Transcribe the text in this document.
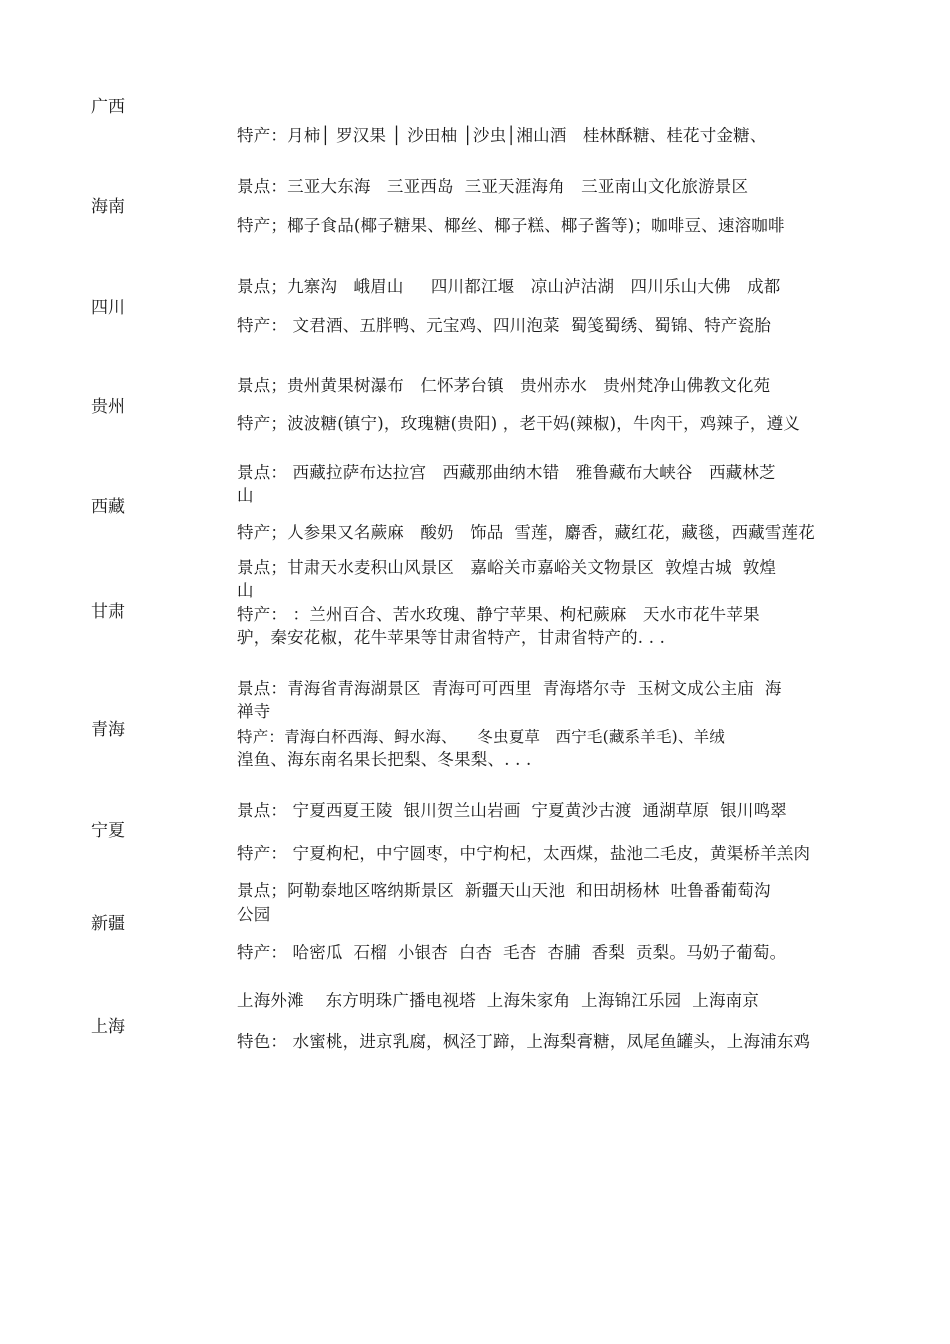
广西
特产：月柿│ 罗汉果 │ 沙田柚 │沙虫│湘山酒   桂林酥糖、桂花寸金糖、
海南
景点：三亚大东海   三亚西岛  三亚天涯海角   三亚南山文化旅游景区
特产；椰子食品(椰子糖果、椰丝、椰子糕、椰子酱等)；咖啡豆、速溶咖啡
四川
景点；九寨沟   峨眉山     四川都江堰   凉山泸沽湖   四川乐山大佛   成都
特产： 文君酒、五胖鸭、元宝鸡、四川泡菜  蜀笺蜀绣、蜀锦、特产瓷胎
贵州
景点；贵州黄果树瀑布   仁怀茅台镇   贵州赤水   贵州梵净山佛教文化苑
特产；波波糖(镇宁)，玫瑰糖(贵阳) ，老干妈(辣椒)，牛肉干，鸡辣子，遵义
西藏
景点： 西藏拉萨布达拉宫   西藏那曲纳木错   雅鲁藏布大峡谷   西藏林芝
山
特产；人参果又名蕨麻   酸奶   饰品  雪莲，麝香，藏红花，藏毯，西藏雪莲花
甘肃
景点；甘肃天水麦积山风景区   嘉峪关市嘉峪关文物景区  敦煌古城  敦煌
山
特产： ：兰州百合、苦水玫瑰、静宁苹果、枸杞蕨麻   天水市花牛苹果
驴，秦安花椒，花牛苹果等甘肃省特产，甘肃省特产的. . .
青海
景点：青海省青海湖景区  青海可可西里  青海塔尔寺  玉树文成公主庙  海
禅寺
特产：青海白杯西海、鲟水海、    冬虫夏草   西宁毛(藏系羊毛)、羊绒
湟鱼、海东南名果长把梨、冬果梨、. . .
宁夏
景点： 宁夏西夏王陵  银川贺兰山岩画  宁夏黄沙古渡  通湖草原  银川鸣翠
特产： 宁夏枸杞，中宁圆枣，中宁枸杞，太西煤，盐池二毛皮，黄渠桥羊羔肉
新疆
景点；阿勒泰地区喀纳斯景区  新疆天山天池  和田胡杨林  吐鲁番葡萄沟
公园
特产： 哈密瓜  石榴  小银杏  白杏  毛杏  杏脯  香梨  贡梨。马奶子葡萄。
上海
上海外滩    东方明珠广播电视塔  上海朱家角  上海锦江乐园  上海南京
特色： 水蜜桃，进京乳腐，枫泾丁蹄，上海梨膏糖，凤尾鱼罐头，上海浦东鸡
